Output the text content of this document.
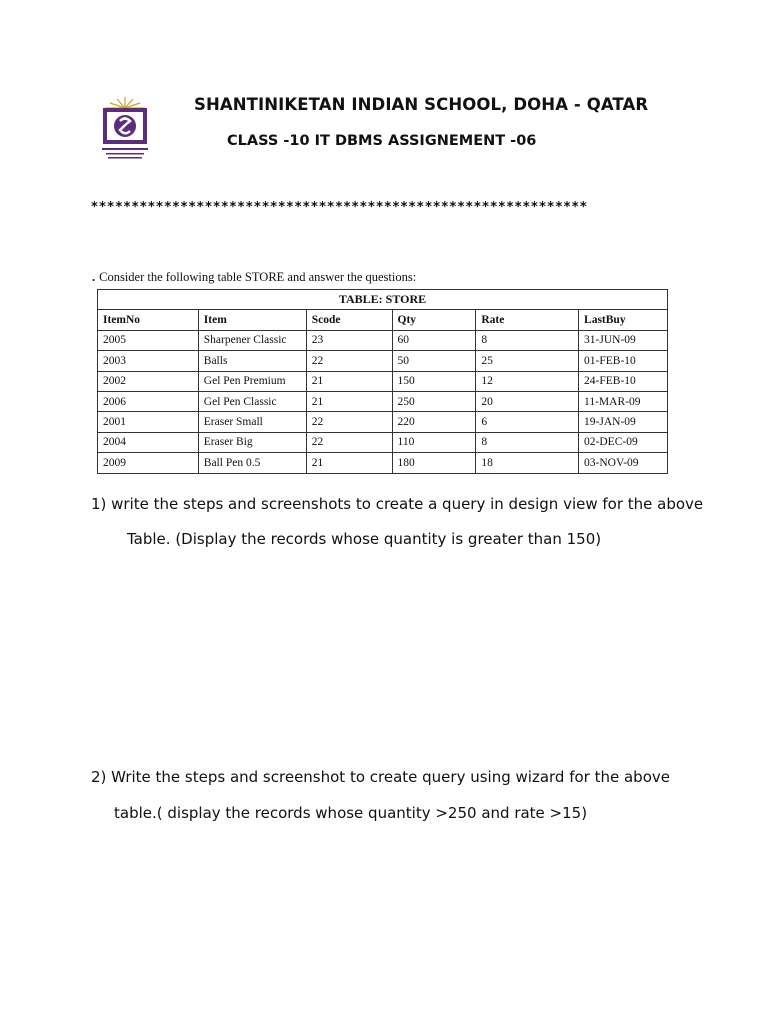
SHANTINIKETAN INDIAN SCHOOL, DOHA - QATAR
CLASS -10 IT DBMS ASSIGNEMENT -06
*************************************************************
. Consider the following table STORE and answer the questions:
TABLE: STORE					
ItemNo	Item	Scode	Qty	Rate	LastBuy
2005	Sharpener Classic	23	60	8	31-JUN-09
2003	Balls	22	50	25	01-FEB-10
2002	Gel Pen Premium	21	150	12	24-FEB-10
2006	Gel Pen Classic	21	250	20	11-MAR-09
2001	Eraser Small	22	220	6	19-JAN-09
2004	Eraser Big	22	110	8	02-DEC-09
2009	Ball Pen 0.5	21	180	18	03-NOV-09
1) write the steps and screenshots to create a query in design view for the above
Table. (Display the records whose quantity is greater than 150)
2) Write the steps and screenshot to create query using wizard for the above
table.( display the records whose quantity >250 and rate >15)
